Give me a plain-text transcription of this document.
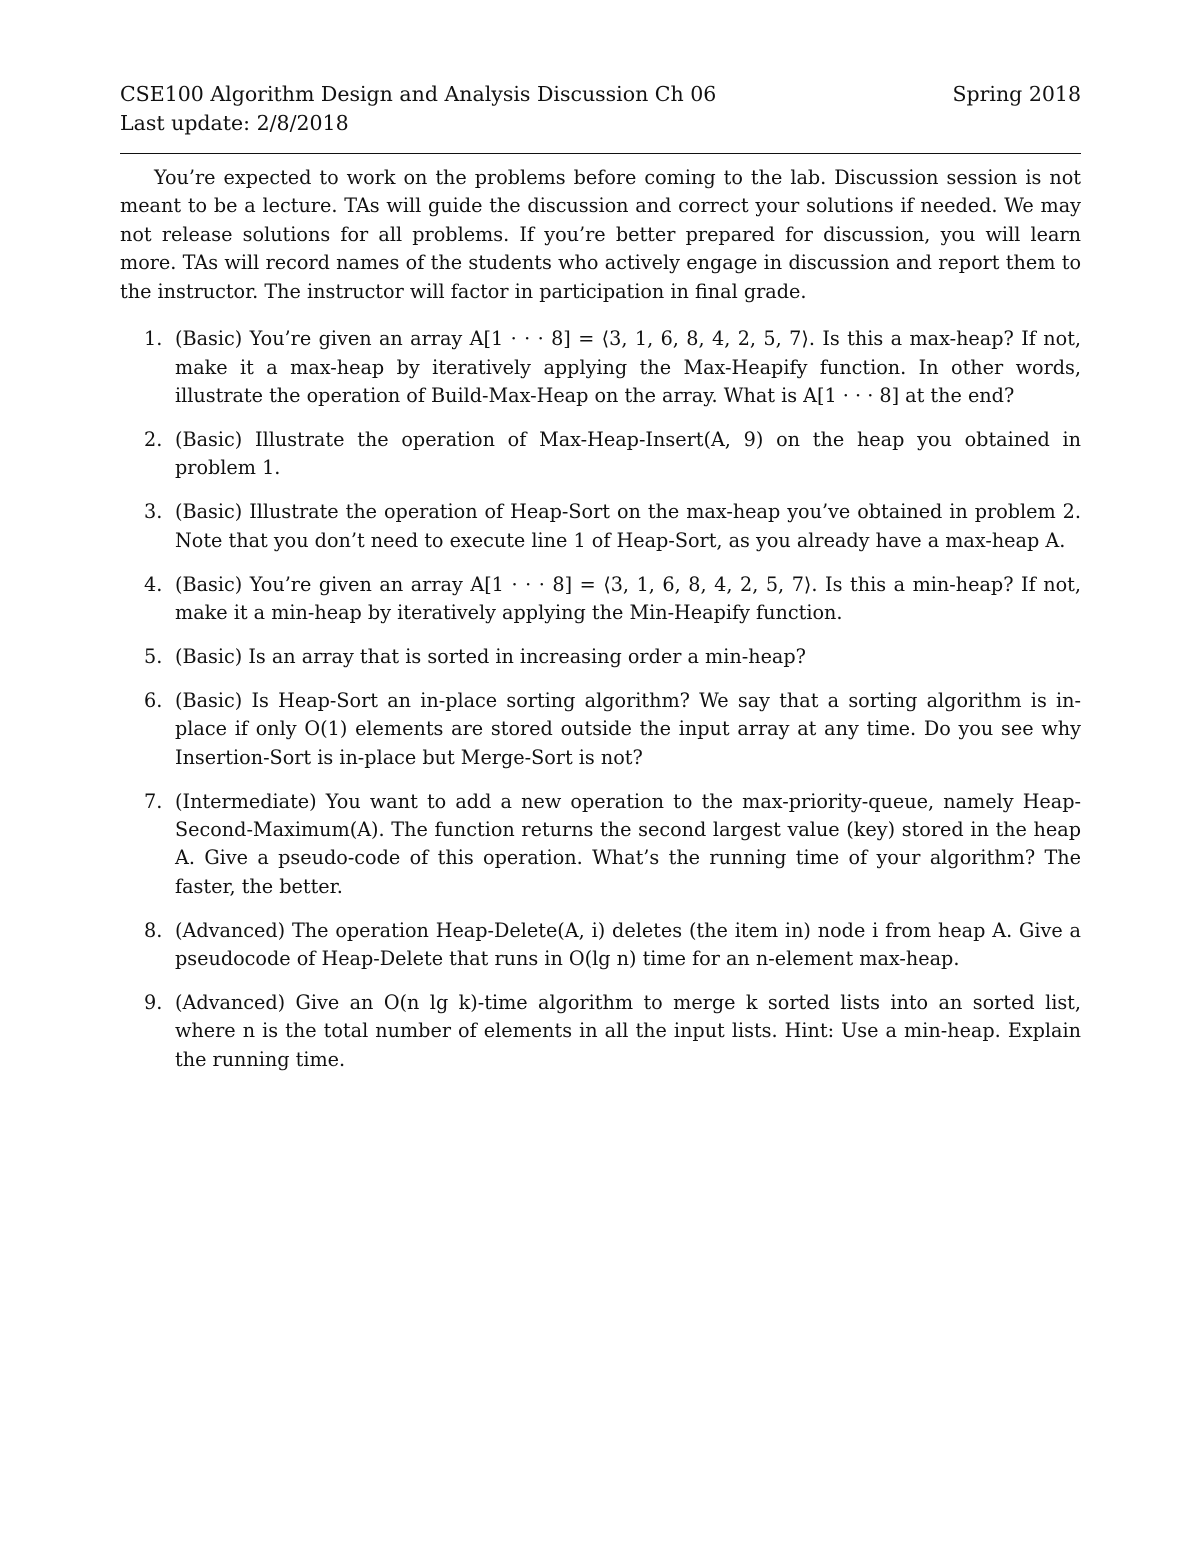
CSE100 Algorithm Design and Analysis Discussion Ch 06	Spring 2018
Last update: 2/8/2018

You’re expected to work on the problems before coming to the lab. Discussion session is not meant to be a lecture. TAs will guide the discussion and correct your solutions if needed. We may not release solutions for all problems. If you’re better prepared for discussion, you will learn more. TAs will record names of the students who actively engage in discussion and report them to the instructor. The instructor will factor in participation in final grade.

1. (Basic) You’re given an array A[1 · · · 8] = ⟨3, 1, 6, 8, 4, 2, 5, 7⟩. Is this a max-heap? If not, make it a max-heap by iteratively applying the Max-Heapify function. In other words, illustrate the operation of Build-Max-Heap on the array. What is A[1 · · · 8] at the end?
2. (Basic) Illustrate the operation of Max-Heap-Insert(A, 9) on the heap you obtained in problem 1.
3. (Basic) Illustrate the operation of Heap-Sort on the max-heap you’ve obtained in problem 2. Note that you don’t need to execute line 1 of Heap-Sort, as you already have a max-heap A.
4. (Basic) You’re given an array A[1 · · · 8] = ⟨3, 1, 6, 8, 4, 2, 5, 7⟩. Is this a min-heap? If not, make it a min-heap by iteratively applying the Min-Heapify function.
5. (Basic) Is an array that is sorted in increasing order a min-heap?
6. (Basic) Is Heap-Sort an in-place sorting algorithm? We say that a sorting algorithm is in-place if only O(1) elements are stored outside the input array at any time. Do you see why Insertion-Sort is in-place but Merge-Sort is not?
7. (Intermediate) You want to add a new operation to the max-priority-queue, namely Heap-Second-Maximum(A). The function returns the second largest value (key) stored in the heap A. Give a pseudo-code of this operation. What’s the running time of your algorithm? The faster, the better.
8. (Advanced) The operation Heap-Delete(A, i) deletes (the item in) node i from heap A. Give a pseudocode of Heap-Delete that runs in O(lg n) time for an n-element max-heap.
9. (Advanced) Give an O(n lg k)-time algorithm to merge k sorted lists into an sorted list, where n is the total number of elements in all the input lists. Hint: Use a min-heap. Explain the running time.
